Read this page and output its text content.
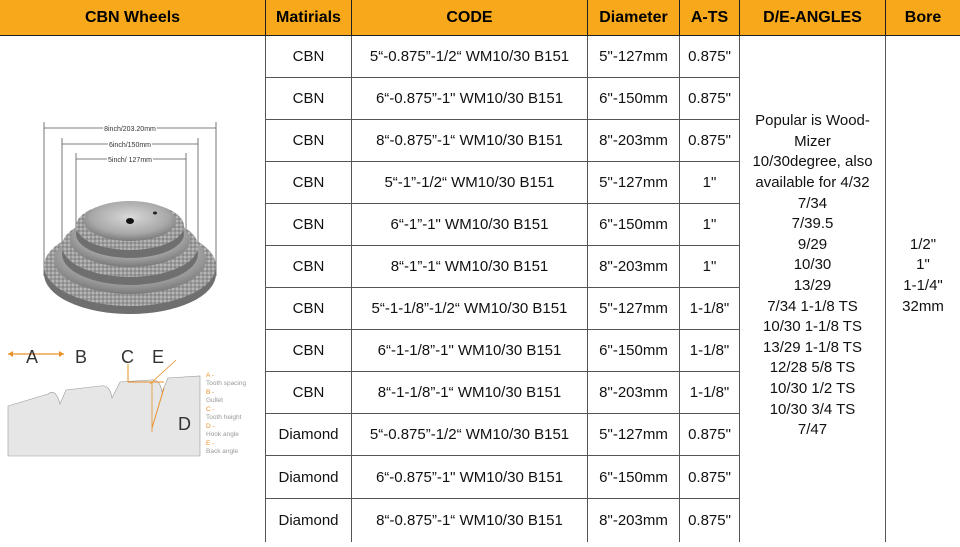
CBN Wheels	Matirials	CODE	Diameter	A-TS	D/E-ANGLES	Bore
8inch/203.20mm
6inch/150mm
5inch/ 127mm
A B C E
D
A -
Tooth spacing
B -
Gullet
C -
Tooth height
D -
Hook angle
E -
Back angle
CBN	5“-0.875”-1/2“ WM10/30 B151	5"-127mm	0.875"
CBN	6“-0.875”-1" WM10/30 B151	6"-150mm	0.875"
CBN	8“-0.875”-1“ WM10/30 B151	8"-203mm	0.875"
CBN	5“-1”-1/2“ WM10/30 B151	5"-127mm	1"
CBN	6“-1”-1" WM10/30 B151	6"-150mm	1"
CBN	8“-1”-1“ WM10/30 B151	8"-203mm	1"
CBN	5“-1-1/8”-1/2“ WM10/30 B151	5"-127mm	1-1/8"
CBN	6“-1-1/8”-1" WM10/30 B151	6"-150mm	1-1/8"
CBN	8“-1-1/8”-1“ WM10/30 B151	8"-203mm	1-1/8"
Diamond	5“-0.875”-1/2“ WM10/30 B151	5"-127mm	0.875"
Diamond	6“-0.875”-1" WM10/30 B151	6"-150mm	0.875"
Diamond	8“-0.875”-1“ WM10/30 B151	8"-203mm	0.875"
Popular is Wood-
Mizer
10/30degree, also
available for 4/32
7/34
7/39.5
9/29
10/30
13/29
7/34 1-1/8 TS
10/30 1-1/8 TS
13/29 1-1/8 TS
12/28 5/8 TS
10/30 1/2 TS
10/30 3/4 TS
7/47
1/2"
1"
1-1/4"
32mm
